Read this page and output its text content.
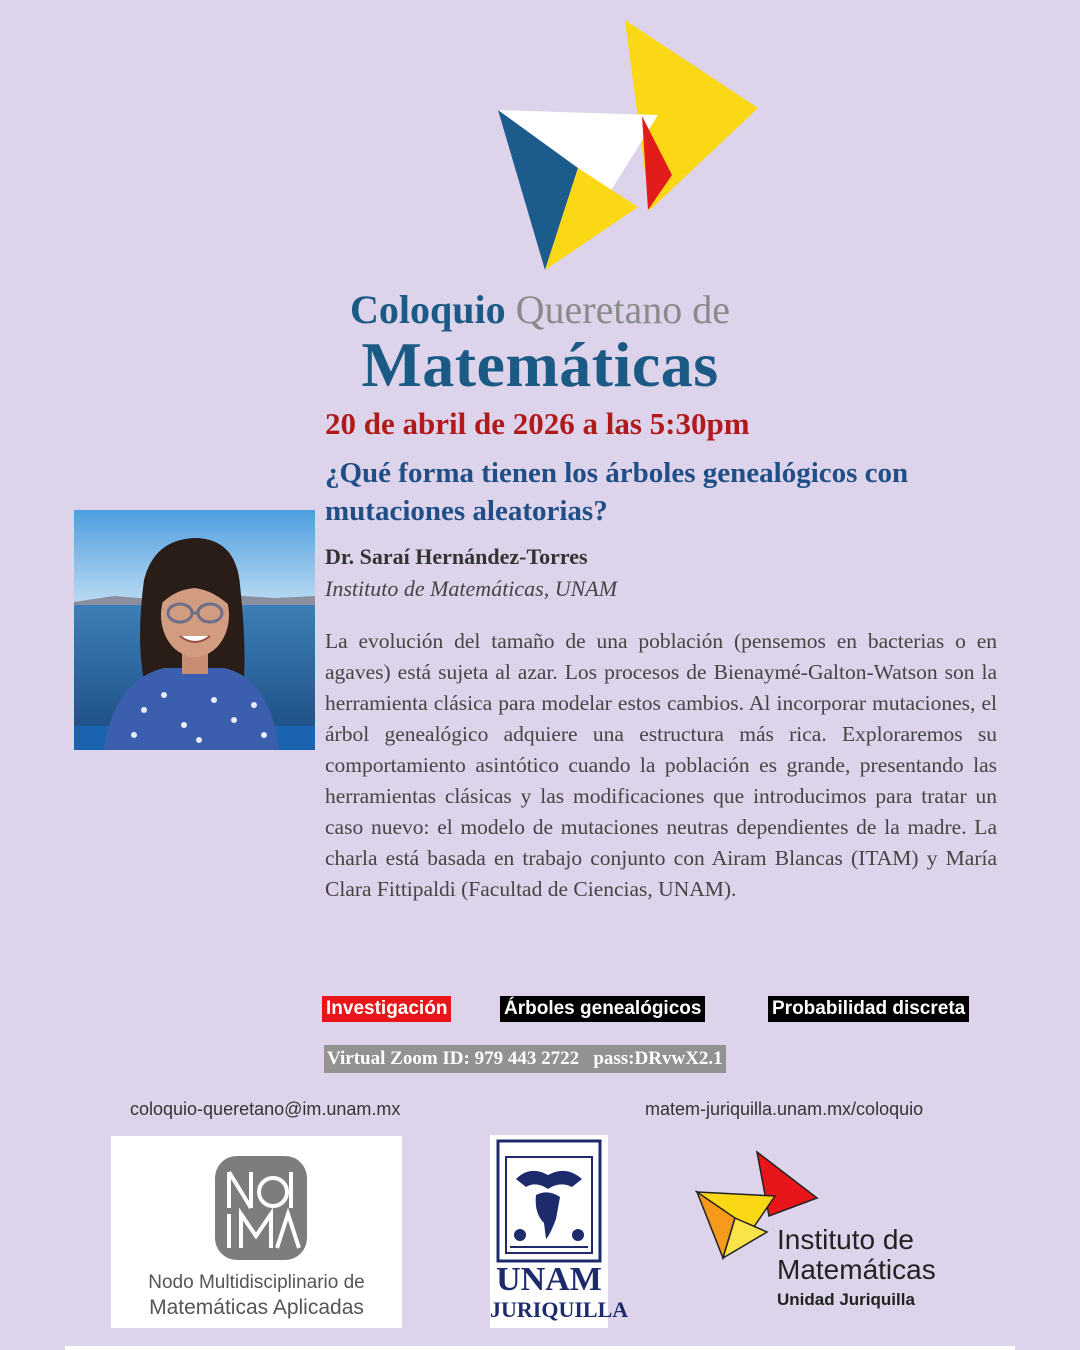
Coloquio Queretano de
Matemáticas
20 de abril de 2026 a las 5:30pm
¿Qué forma tienen los árboles genealógicos con mutaciones aleatorias?
Dr. Saraí Hernández-Torres
Instituto de Matemáticas, UNAM
La evolución del tamaño de una población (pensemos en bacterias o en agaves) está sujeta al azar. Los procesos de Bienaymé-Galton-Watson son la herramienta clásica para modelar estos cambios. Al incorporar mutaciones, el árbol genealógico adquiere una estructura más rica. Exploraremos su comportamiento asintótico cuando la población es grande, presentando las herramientas clásicas y las modificaciones que introducimos para tratar un caso nuevo: el modelo de mutaciones neutras dependientes de la madre. La charla está basada en trabajo conjunto con Airam Blancas (ITAM) y María Clara Fittipaldi (Facultad de Ciencias, UNAM).
Investigación	Árboles genealógicos	Probabilidad discreta
Virtual Zoom ID: 979 443 2722   pass:DRvwX2.1
coloquio-queretano@im.unam.mx	matem-juriquilla.unam.mx/coloquio
Nodo Multidisciplinario de
Matemáticas Aplicadas
UNAM
JURIQUILLA
Instituto de
Matemáticas
Unidad Juriquilla
